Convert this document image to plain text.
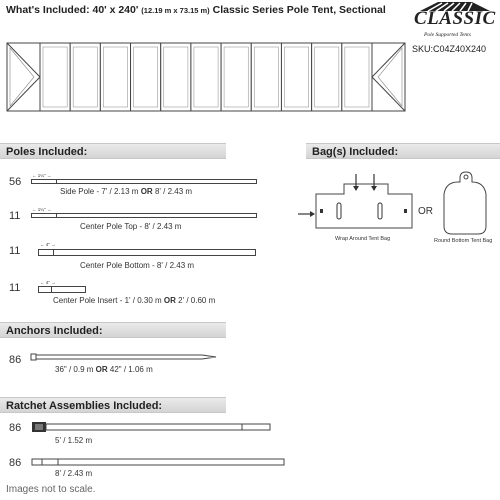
What's Included: 40' x 240' (12.19 m x 73.15 m) Classic Series Pole Tent, Sectional CLASSIC
Pole Supported Tents
SKU:C04Z40X240
Poles Included:	Bag(s) Included:
Anchors Included:
Ratchet Assemblies Included:
56
← 1¼" →
Side Pole - 7' / 2.13 m OR 8' / 2.43 m
11
← 1¼" →
Center Pole Top - 8' / 2.43 m
11
← 4" →
Center Pole Bottom - 8' / 2.43 m
11	← 4" →
Center Pole Insert - 1' / 0.30 m OR 2' / 0.60 m
Wrap Around Tent Bag
OR
Round Bottom Tent Bag
86
36" / 0.9 m OR 42" / 1.06 m
86
5' / 1.52 m
86
8' / 2.43 m
Images not to scale.
